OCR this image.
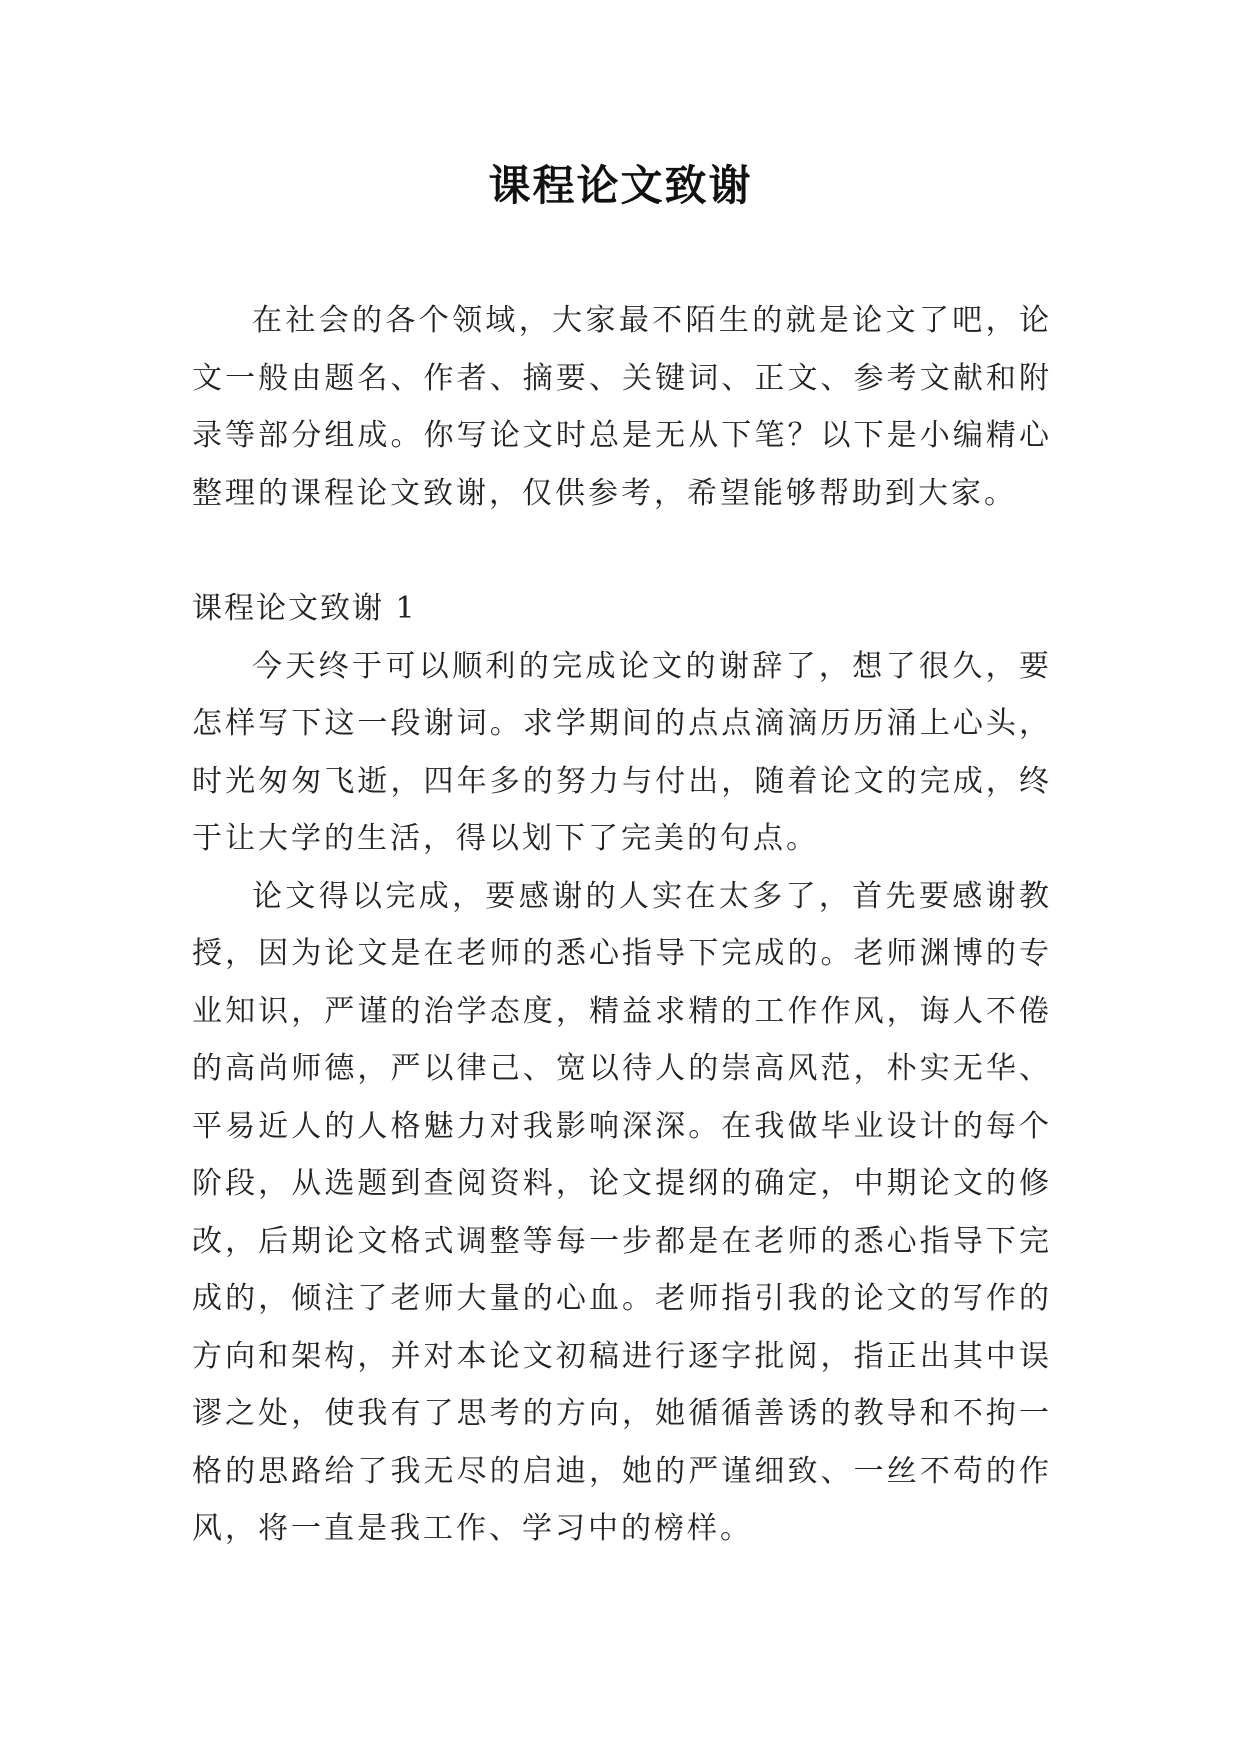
课程论文致谢

在社会的各个领域，大家最不陌生的就是论文了吧，论文一般由题名、作者、摘要、关键词、正文、参考文献和附录等部分组成。你写论文时总是无从下笔？以下是小编精心整理的课程论文致谢，仅供参考，希望能够帮助到大家。

课程论文致谢 1

今天终于可以顺利的完成论文的谢辞了，想了很久，要怎样写下这一段谢词。求学期间的点点滴滴历历涌上心头，时光匆匆飞逝，四年多的努力与付出，随着论文的完成，终于让大学的生活，得以划下了完美的句点。

论文得以完成，要感谢的人实在太多了，首先要感谢教授，因为论文是在老师的悉心指导下完成的。老师渊博的专业知识，严谨的治学态度，精益求精的工作作风，诲人不倦的高尚师德，严以律己、宽以待人的崇高风范，朴实无华、平易近人的人格魅力对我影响深深。在我做毕业设计的每个阶段，从选题到查阅资料，论文提纲的确定，中期论文的修改，后期论文格式调整等每一步都是在老师的悉心指导下完成的，倾注了老师大量的心血。老师指引我的论文的写作的方向和架构，并对本论文初稿进行逐字批阅，指正出其中误谬之处，使我有了思考的方向，她循循善诱的教导和不拘一格的思路给了我无尽的启迪，她的严谨细致、一丝不苟的作风，将一直是我工作、学习中的榜样。
